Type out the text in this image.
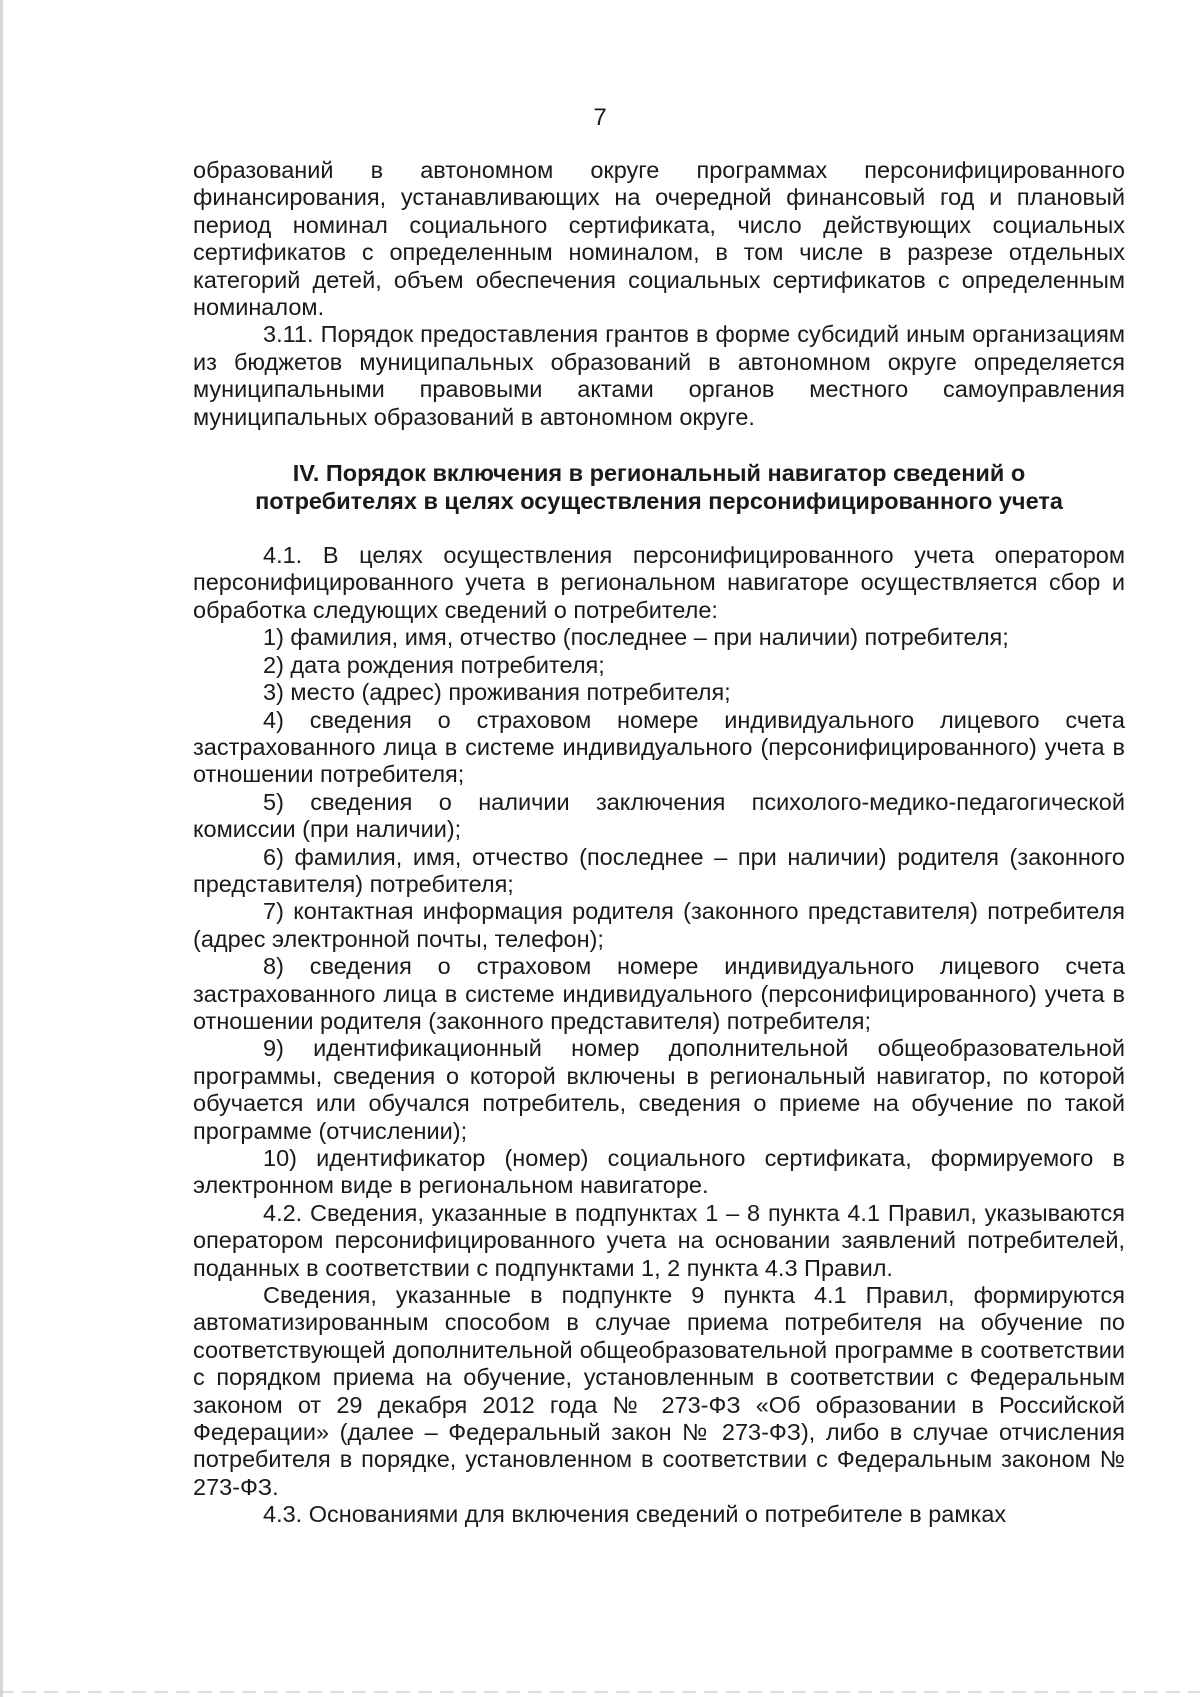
7

образований в автономном округе программах персонифицированного финансирования, устанавливающих на очередной финансовый год и плановый период номинал социального сертификата, число действующих социальных сертификатов с определенным номиналом, в том числе в разрезе отдельных категорий детей, объем обеспечения социальных сертификатов с определенным номиналом.

3.11. Порядок предоставления грантов в форме субсидий иным организациям из бюджетов муниципальных образований в автономном округе определяется муниципальными правовыми актами органов местного самоуправления муниципальных образований в автономном округе.

IV. Порядок включения в региональный навигатор сведений о
потребителях в целях осуществления персонифицированного учета

4.1. В целях осуществления персонифицированного учета оператором персонифицированного учета в региональном навигаторе осуществляется сбор и обработка следующих сведений о потребителе:

1) фамилия, имя, отчество (последнее – при наличии) потребителя;

2) дата рождения потребителя;

3) место (адрес) проживания потребителя;

4) сведения о страховом номере индивидуального лицевого счета застрахованного лица в системе индивидуального (персонифицированного) учета в отношении потребителя;

5) сведения о наличии заключения психолого-медико-педагогической комиссии (при наличии);

6) фамилия, имя, отчество (последнее – при наличии) родителя (законного представителя) потребителя;

7) контактная информация родителя (законного представителя) потребителя (адрес электронной почты, телефон);

8) сведения о страховом номере индивидуального лицевого счета застрахованного лица в системе индивидуального (персонифицированного) учета в отношении родителя (законного представителя) потребителя;

9) идентификационный номер дополнительной общеобразовательной программы, сведения о которой включены в региональный навигатор, по которой обучается или обучался потребитель, сведения о приеме на обучение по такой программе (отчислении);

10) идентификатор (номер) социального сертификата, формируемого в электронном виде в региональном навигаторе.

4.2. Сведения, указанные в подпунктах 1 – 8 пункта 4.1 Правил, указываются оператором персонифицированного учета на основании заявлений потребителей, поданных в соответствии с подпунктами 1, 2 пункта 4.3 Правил.

Сведения, указанные в подпункте 9 пункта 4.1 Правил, формируются автоматизированным способом в случае приема потребителя на обучение по соответствующей дополнительной общеобразовательной программе в соответствии с порядком приема на обучение, установленным в соответствии с Федеральным законом от 29 декабря 2012 года № 273-ФЗ «Об образовании в Российской Федерации» (далее – Федеральный закон № 273-ФЗ), либо в случае отчисления потребителя в порядке, установленном в соответствии с Федеральным законом № 273-ФЗ.

4.3. Основаниями для включения сведений о потребителе в рамках
